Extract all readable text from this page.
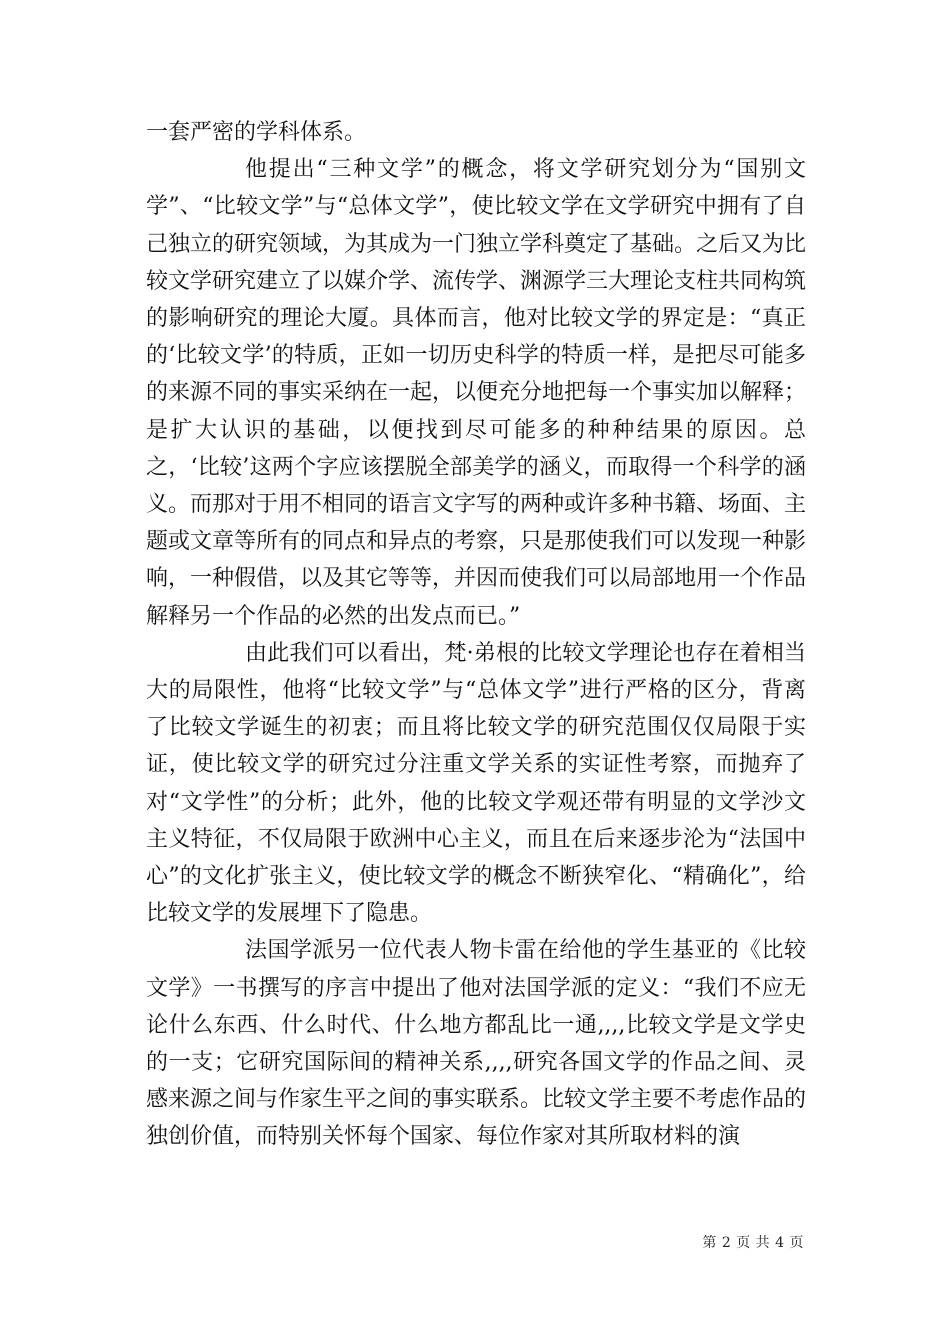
一套严密的学科体系。

他提出“三种文学”的概念，将文学研究划分为“国别文学”、“比较文学”与“总体文学”，使比较文学在文学研究中拥有了自己独立的研究领域，为其成为一门独立学科奠定了基础。之后又为比较文学研究建立了以媒介学、流传学、渊源学三大理论支柱共同构筑的影响研究的理论大厦。具体而言，他对比较文学的界定是：“真正的‘比较文学’的特质，正如一切历史科学的特质一样，是把尽可能多的来源不同的事实采纳在一起，以便充分地把每一个事实加以解释；是扩大认识的基础，以便找到尽可能多的种种结果的原因。总之，‘比较’这两个字应该摆脱全部美学的涵义，而取得一个科学的涵义。而那对于用不相同的语言文字写的两种或许多种书籍、场面、主题或文章等所有的同点和异点的考察，只是那使我们可以发现一种影响，一种假借，以及其它等等，并因而使我们可以局部地用一个作品解释另一个作品的必然的出发点而已。”

由此我们可以看出，梵·弟根的比较文学理论也存在着相当大的局限性，他将“比较文学”与“总体文学”进行严格的区分，背离了比较文学诞生的初衷；而且将比较文学的研究范围仅仅局限于实证，使比较文学的研究过分注重文学关系的实证性考察，而抛弃了对“文学性”的分析；此外，他的比较文学观还带有明显的文学沙文主义特征，不仅局限于欧洲中心主义，而且在后来逐步沦为“法国中心”的文化扩张主义，使比较文学的概念不断狭窄化、“精确化”，给比较文学的发展埋下了隐患。

法国学派另一位代表人物卡雷在给他的学生基亚的《比较文学》一书撰写的序言中提出了他对法国学派的定义：“我们不应无论什么东西、什么时代、什么地方都乱比一通,,,,比较文学是文学史的一支；它研究国际间的精神关系,,,,研究各国文学的作品之间、灵感来源之间与作家生平之间的事实联系。比较文学主要不考虑作品的独创价值，而特别关怀每个国家、每位作家对其所取材料的演

第 2 页 共 4 页
